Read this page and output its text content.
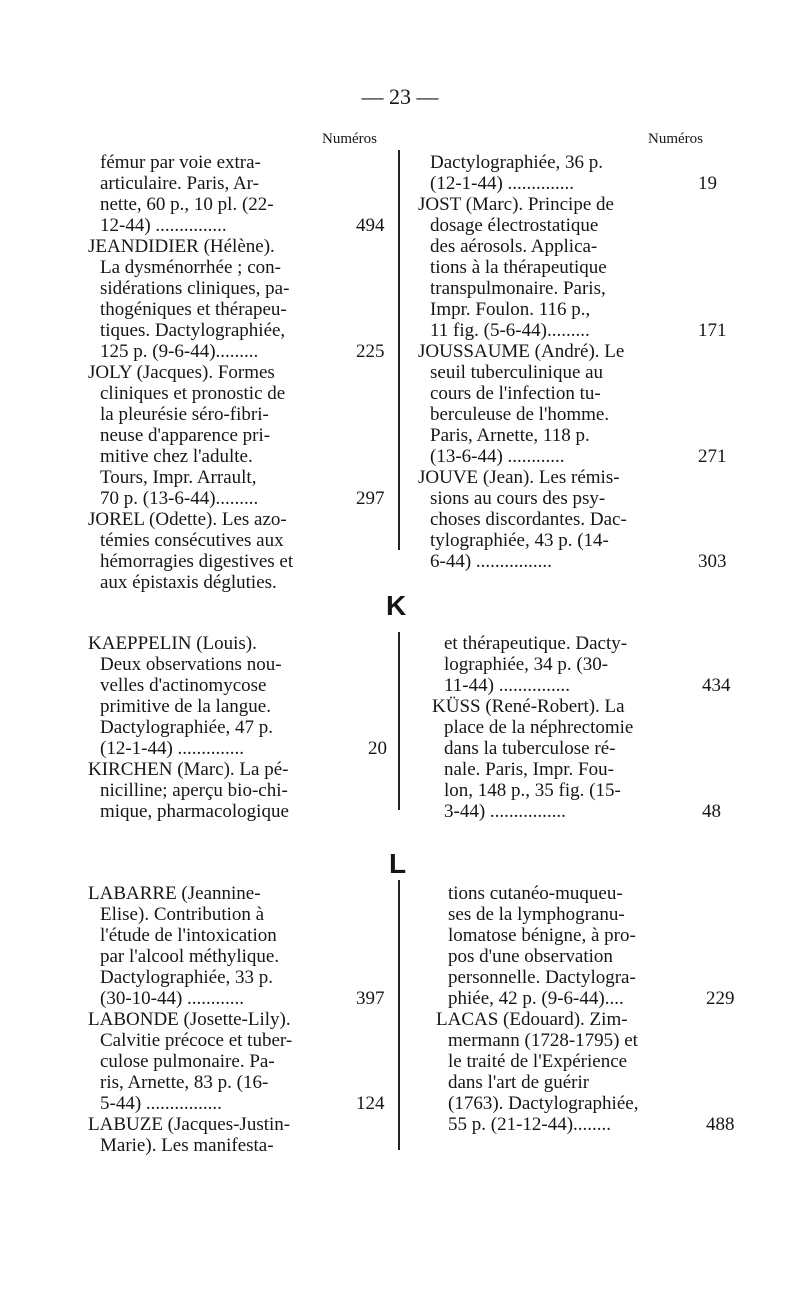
— 23 —
Numéros	Numéros
K
L
fémur par voie extra-
articulaire. Paris, Ar-
nette, 60 p., 10 pl. (22-
12-44) ...............	494
JEANDIDIER (Hélène).
La dysménorrhée ; con-
sidérations cliniques, pa-
thogéniques et thérapeu-
tiques. Dactylographiée,
125 p. (9-6-44).........	225
JOLY (Jacques). Formes
cliniques et pronostic de
la pleurésie séro-fibri-
neuse d'apparence pri-
mitive chez l'adulte.
Tours, Impr. Arrault,
70 p. (13-6-44).........	297
JOREL (Odette). Les azo-
témies consécutives aux
hémorragies digestives et
aux épistaxis dégluties.
Dactylographiée, 36 p.
(12-1-44) ..............	19
JOST (Marc). Principe de
dosage électrostatique
des aérosols. Applica-
tions à la thérapeutique
transpulmonaire. Paris,
Impr. Foulon. 116 p.,
11 fig. (5-6-44).........	171
JOUSSAUME (André). Le
seuil tuberculinique au
cours de l'infection tu-
berculeuse de l'homme.
Paris, Arnette, 118 p.
(13-6-44) ............	271
JOUVE (Jean). Les rémis-
sions au cours des psy-
choses discordantes. Dac-
tylographiée, 43 p. (14-
6-44) ................	303
KAEPPELIN (Louis).
Deux observations nou-
velles d'actinomycose
primitive de la langue.
Dactylographiée, 47 p.
(12-1-44) ..............	20
KIRCHEN (Marc). La pé-
nicilline; aperçu bio-chi-
mique, pharmacologique
et thérapeutique. Dacty-
lographiée, 34 p. (30-
11-44) ...............	434
KÜSS (René-Robert). La
place de la néphrectomie
dans la tuberculose ré-
nale. Paris, Impr. Fou-
lon, 148 p., 35 fig. (15-
3-44) ................	48
LABARRE (Jeannine-
Elise). Contribution à
l'étude de l'intoxication
par l'alcool méthylique.
Dactylographiée, 33 p.
(30-10-44) ............	397
LABONDE (Josette-Lily).
Calvitie précoce et tuber-
culose pulmonaire. Pa-
ris, Arnette, 83 p. (16-
5-44) ................	124
LABUZE (Jacques-Justin-
Marie). Les manifesta-
tions cutanéo-muqueu-
ses de la lymphogranu-
lomatose bénigne, à pro-
pos d'une observation
personnelle. Dactylogra-
phiée, 42 p. (9-6-44)....	229
LACAS (Edouard). Zim-
mermann (1728-1795) et
le traité de l'Expérience
dans l'art de guérir
(1763). Dactylographiée,
55 p. (21-12-44)........	488
